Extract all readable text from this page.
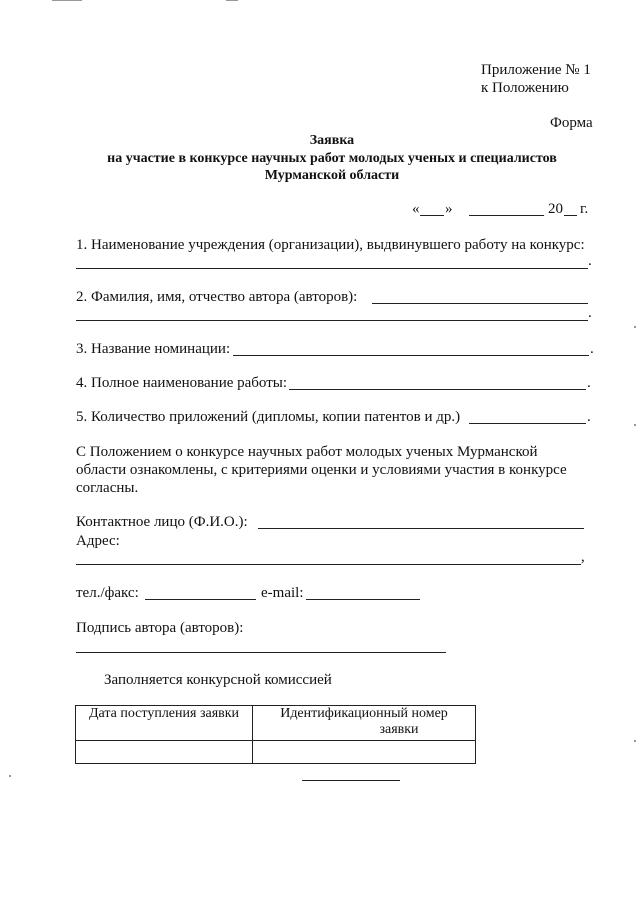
Приложение № 1
к Положению
Форма
Заявка
на участие в конкурсе научных работ молодых ученых и специалистов
Мурманской области
« »	20 г.
1. Наименование учреждения (организации), выдвинувшего работу на конкурс:
.
2. Фамилия, имя, отчество автора (авторов):
.
3. Название номинации:	.
4. Полное наименование работы:	.
5. Количество приложений (дипломы, копии патентов и др.)	.
С Положением о конкурсе научных работ молодых ученых Мурманской
области ознакомлены, с критериями оценки и условиями участия в конкурсе
согласны.
Контактное лицо (Ф.И.О.):
Адрес:
,
тел./факс:	e-mail:
Подпись автора (авторов):
Заполняется конкурсной комиссией
Дата поступления заявки	Идентификационный номер
заявки
